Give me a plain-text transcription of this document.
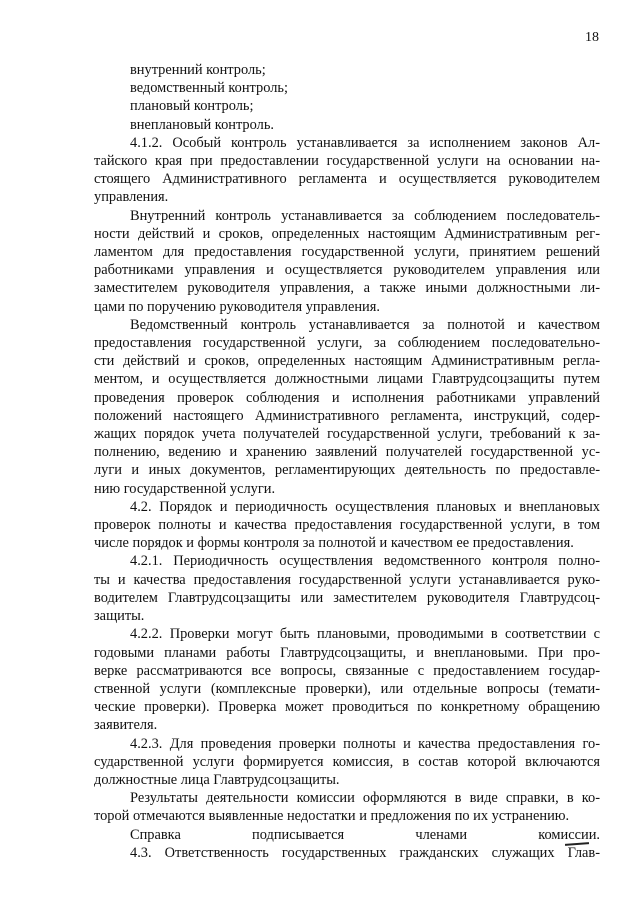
18

внутренний контроль;

ведомственный контроль;

плановый контроль;

внеплановый контроль.

4.1.2. Особый контроль устанавливается за исполнением законов Ал-
тайского края при предоставлении государственной услуги на основании на-
стоящего Административного регламента и осуществляется руководителем
управления.

Внутренний контроль устанавливается за соблюдением последователь-
ности действий и сроков, определенных настоящим Административным рег-
ламентом для предоставления государственной услуги, принятием решений
работниками управления и осуществляется руководителем управления или
заместителем руководителя управления, а также иными должностными ли-
цами по поручению руководителя управления.

Ведомственный контроль устанавливается за полнотой и качеством
предоставления государственной услуги, за соблюдением последовательно-
сти действий и сроков, определенных настоящим Административным регла-
ментом, и осуществляется должностными лицами Главтрудсоцзащиты путем
проведения проверок соблюдения и исполнения работниками управлений
положений настоящего Административного регламента, инструкций, содер-
жащих порядок учета получателей государственной услуги, требований к за-
полнению, ведению и хранению заявлений получателей государственной ус-
луги и иных документов, регламентирующих деятельность по предоставле-
нию государственной услуги.

4.2. Порядок и периодичность осуществления плановых и внеплановых
проверок полноты и качества предоставления государственной услуги, в том
числе порядок и формы контроля за полнотой и качеством ее предоставления.

4.2.1. Периодичность осуществления ведомственного контроля полно-
ты и качества предоставления государственной услуги устанавливается руко-
водителем Главтрудсоцзащиты или заместителем руководителя Главтрудсоц-
защиты.

4.2.2. Проверки могут быть плановыми, проводимыми в соответствии с
годовыми планами работы Главтрудсоцзащиты, и внеплановыми. При про-
верке рассматриваются все вопросы, связанные с предоставлением государ-
ственной услуги (комплексные проверки), или отдельные вопросы (темати-
ческие проверки). Проверка может проводиться по конкретному обращению
заявителя.

4.2.3. Для проведения проверки полноты и качества предоставления го-
сударственной услуги формируется комиссия, в состав которой включаются
должностные лица Главтрудсоцзащиты.

Результаты деятельности комиссии оформляются в виде справки, в ко-
торой отмечаются выявленные недостатки и предложения по их устранению.

Справка подписывается членами комиссии.

4.3. Ответственность государственных гражданских служащих Глав-
